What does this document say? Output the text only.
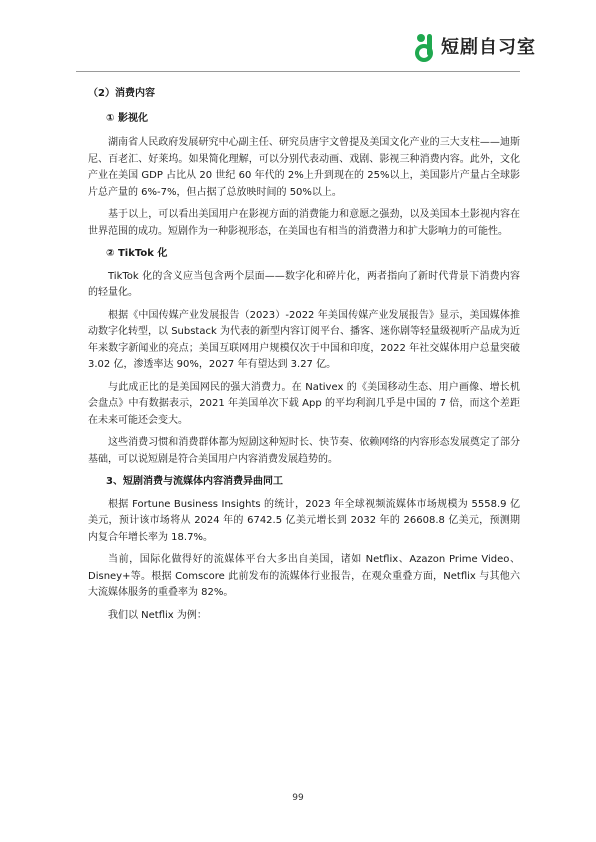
短剧自习室

（2）消费内容

① 影视化

湖南省人民政府发展研究中心副主任、研究员唐宇文曾提及美国文化产业的三大支柱——迪斯尼、百老汇、好莱坞。如果简化理解，可以分别代表动画、戏剧、影视三种消费内容。此外，文化产业在美国 GDP 占比从 20 世纪 60 年代的 2%上升到现在的 25%以上，美国影片产量占全球影片总产量的 6%-7%，但占据了总放映时间的 50%以上。

基于以上，可以看出美国用户在影视方面的消费能力和意愿之强劲，以及美国本土影视内容在世界范围的成功。短剧作为一种影视形态，在美国也有相当的消费潜力和扩大影响力的可能性。

② TikTok 化

TikTok 化的含义应当包含两个层面——数字化和碎片化，两者指向了新时代背景下消费内容的轻量化。

根据《中国传媒产业发展报告（2023）-2022 年美国传媒产业发展报告》显示，美国媒体推动数字化转型，以 Substack 为代表的新型内容订阅平台、播客、迷你剧等轻量级视听产品成为近年来数字新闻业的亮点；美国互联网用户规模仅次于中国和印度，2022 年社交媒体用户总量突破 3.02 亿，渗透率达 90%，2027 年有望达到 3.27 亿。

与此成正比的是美国网民的强大消费力。在 Nativex 的《美国移动生态、用户画像、增长机会盘点》中有数据表示，2021 年美国单次下载 App 的平均利润几乎是中国的 7 倍，而这个差距在未来可能还会变大。

这些消费习惯和消费群体都为短剧这种短时长、快节奏、依赖网络的内容形态发展奠定了部分基础，可以说短剧是符合美国用户内容消费发展趋势的。

3、短剧消费与流媒体内容消费异曲同工

根据 Fortune Business Insights 的统计，2023 年全球视频流媒体市场规模为 5558.9 亿美元，预计该市场将从 2024 年的 6742.5 亿美元增长到 2032 年的 26608.8 亿美元，预测期内复合年增长率为 18.7%。

当前，国际化做得好的流媒体平台大多出自美国，诸如 Netflix、Azazon Prime Video、Disney+等。根据 Comscore 此前发布的流媒体行业报告，在观众重叠方面，Netflix 与其他六大流媒体服务的重叠率为 82%。

我们以 Netflix 为例：

99
